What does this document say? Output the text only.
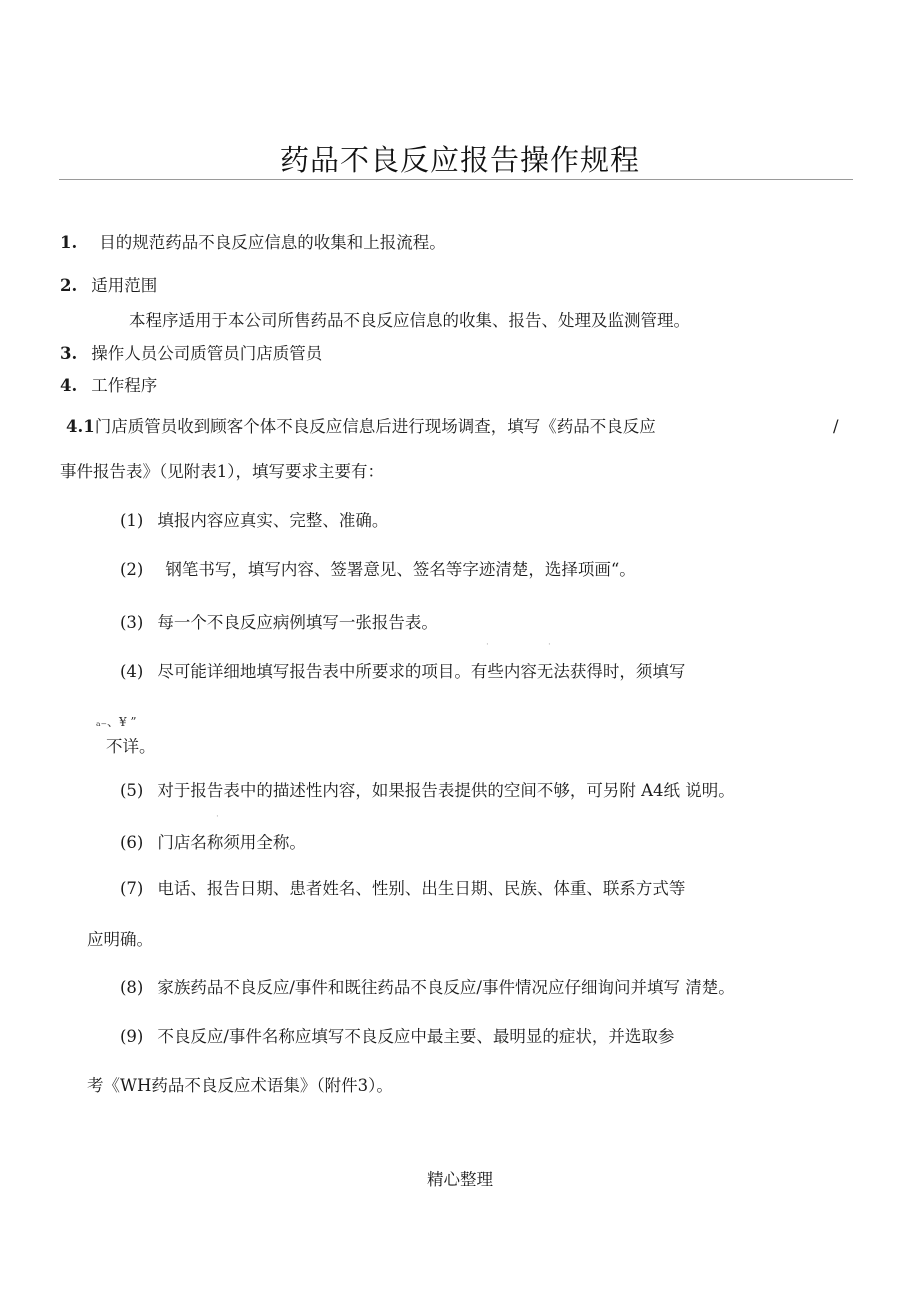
药品不良反应报告操作规程
1. 目的规范药品不良反应信息的收集和上报流程。
2. 适用范围
本程序适用于本公司所售药品不良反应信息的收集、报告、处理及监测管理。
3. 操作人员公司质管员门店质管员
4. 工作程序
4.1门店质管员收到顾客个体不良反应信息后进行现场调查，填写《药品不良反应	/
事件报告表》（见附表1），填写要求主要有：
(1) 填报内容应真实、完整、准确。
(2) 钢笔书写，填写内容、签署意见、签名等字迹清楚，选择项画“。
(3) 每一个不良反应病例填写一张报告表。
·	·
(4) 尽可能详细地填写报告表中所要求的项目。有些内容无法获得时，须填写
ₐ₋、¥ ”
不详。
(5) 对于报告表中的描述性内容，如果报告表提供的空间不够，可另附 A4纸 说明。
·
(6) 门店名称须用全称。
(7) 电话、报告日期、患者姓名、性别、出生日期、民族、体重、联系方式等
应明确。
(8) 家族药品不良反应/事件和既往药品不良反应/事件情况应仔细询问并填写 清楚。
(9) 不良反应/事件名称应填写不良反应中最主要、最明显的症状，并选取参
考《WH药品不良反应术语集》（附件3）。
精心整理
